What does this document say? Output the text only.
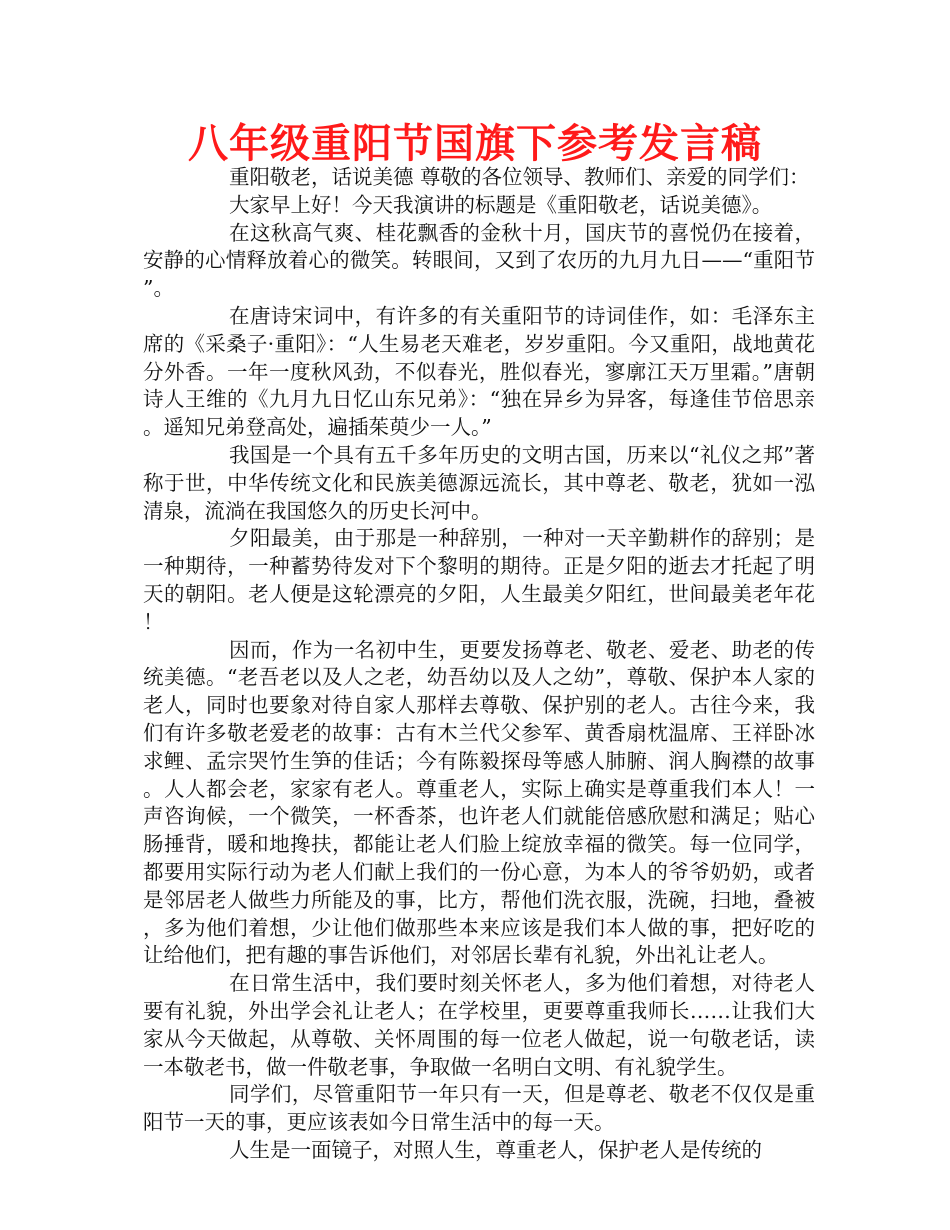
八年级重阳节国旗下参考发言稿

重阳敬老，话说美德 尊敬的各位领导、教师们、亲爱的同学们：

大家早上好！今天我演讲的标题是《重阳敬老，话说美德》。

在这秋高气爽、桂花飘香的金秋十月，国庆节的喜悦仍在接着，安静的心情释放着心的微笑。转眼间，又到了农历的九月九日——“重阳节”。

在唐诗宋词中，有许多的有关重阳节的诗词佳作，如：毛泽东主席的《采桑子·重阳》：“人生易老天难老，岁岁重阳。今又重阳，战地黄花分外香。一年一度秋风劲，不似春光，胜似春光，寥廓江天万里霜。”唐朝诗人王维的《九月九日忆山东兄弟》：“独在异乡为异客，每逢佳节倍思亲。遥知兄弟登高处，遍插茱萸少一人。”

我国是一个具有五千多年历史的文明古国，历来以“礼仪之邦”著称于世，中华传统文化和民族美德源远流长，其中尊老、敬老，犹如一泓清泉，流淌在我国悠久的历史长河中。

夕阳最美，由于那是一种辞别，一种对一天辛勤耕作的辞别；是一种期待，一种蓄势待发对下个黎明的期待。正是夕阳的逝去才托起了明天的朝阳。老人便是这轮漂亮的夕阳，人生最美夕阳红，世间最美老年花！

因而，作为一名初中生，更要发扬尊老、敬老、爱老、助老的传统美德。“老吾老以及人之老，幼吾幼以及人之幼”，尊敬、保护本人家的老人，同时也要象对待自家人那样去尊敬、保护别的老人。古往今来，我们有许多敬老爱老的故事：古有木兰代父参军、黄香扇枕温席、王祥卧冰求鲤、孟宗哭竹生笋的佳话；今有陈毅探母等感人肺腑、润人胸襟的故事。人人都会老，家家有老人。尊重老人，实际上确实是尊重我们本人！一声咨询候，一个微笑，一杯香茶，也许老人们就能倍感欣慰和满足；贴心肠捶背，暖和地搀扶，都能让老人们脸上绽放幸福的微笑。每一位同学，都要用实际行动为老人们献上我们的一份心意，为本人的爷爷奶奶，或者是邻居老人做些力所能及的事，比方，帮他们洗衣服，洗碗，扫地，叠被，多为他们着想，少让他们做那些本来应该是我们本人做的事，把好吃的让给他们，把有趣的事告诉他们，对邻居长辈有礼貌，外出礼让老人。

在日常生活中，我们要时刻关怀老人，多为他们着想，对待老人要有礼貌，外出学会礼让老人；在学校里，更要尊重我师长……让我们大家从今天做起，从尊敬、关怀周围的每一位老人做起，说一句敬老话，读一本敬老书，做一件敬老事，争取做一名明白文明、有礼貌学生。

同学们，尽管重阳节一年只有一天，但是尊老、敬老不仅仅是重阳节一天的事，更应该表如今日常生活中的每一天。

人生是一面镜子，对照人生，尊重老人，保护老人是传统的
